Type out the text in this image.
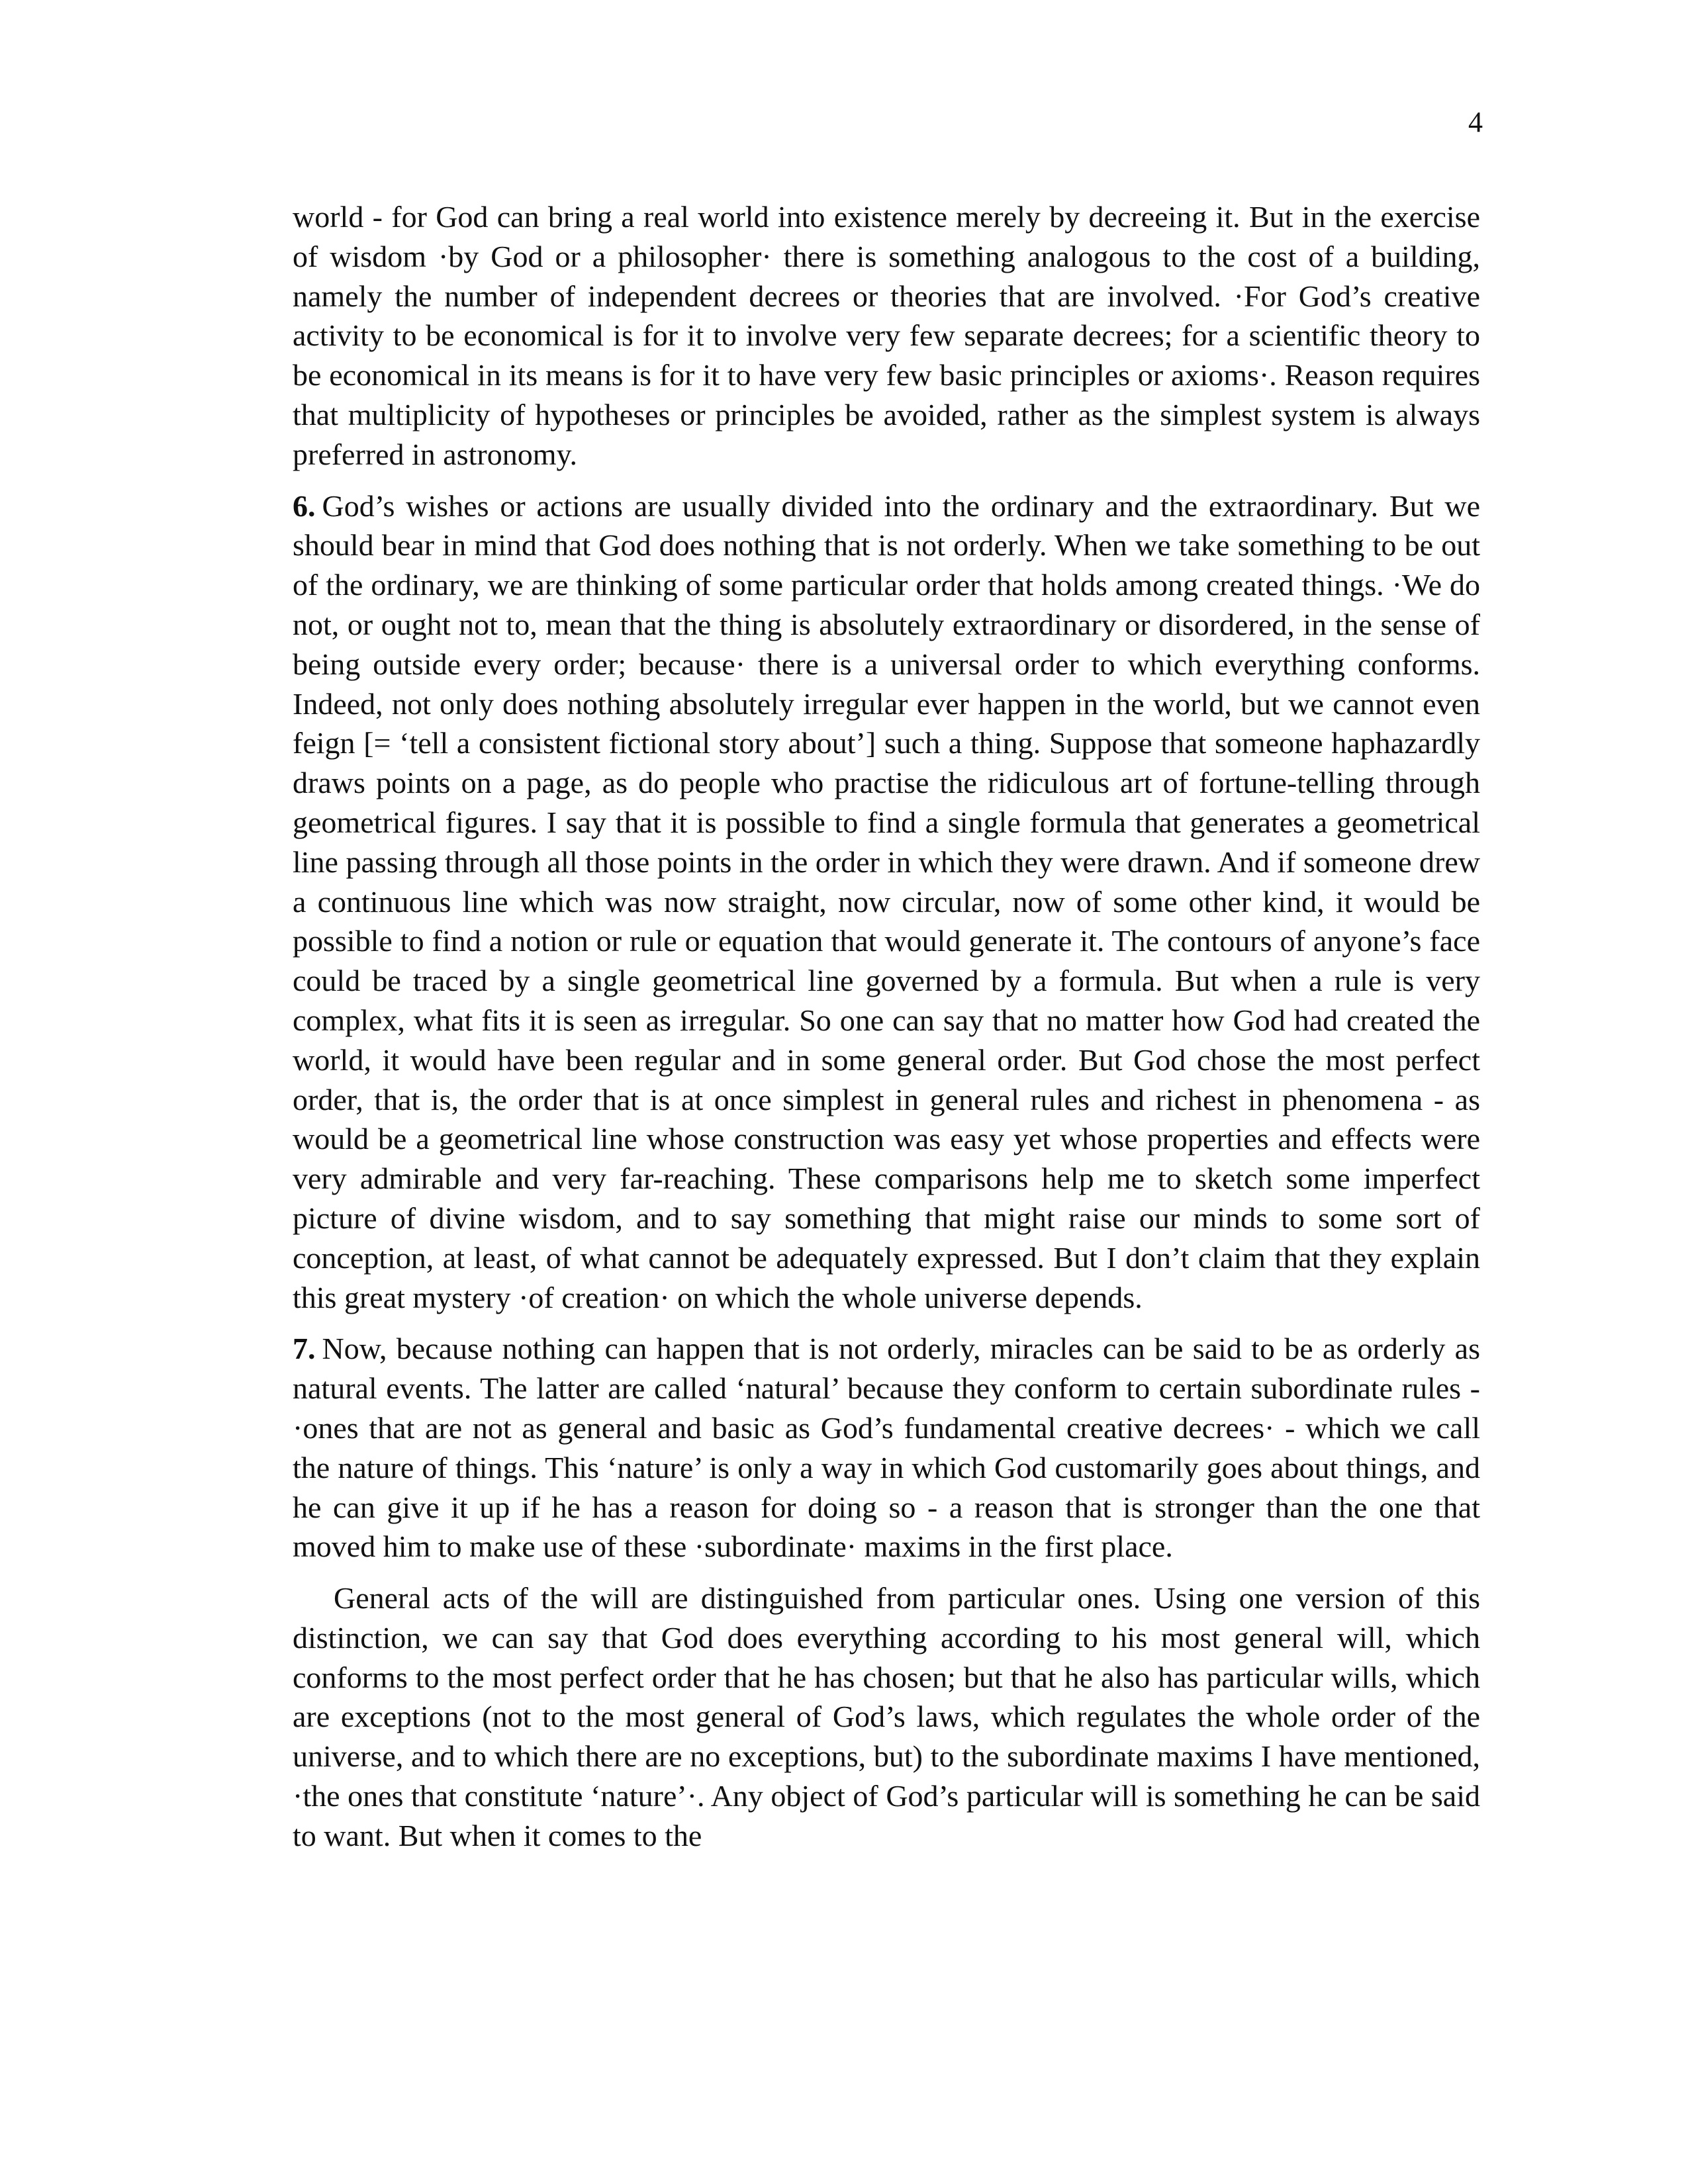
4

world - for God can bring a real world into existence merely by decreeing it. But in the exercise of wisdom ·by God or a philosopher· there is something analogous to the cost of a building, namely the number of independent decrees or theories that are involved. ·For God’s creative activity to be economical is for it to involve very few separate decrees; for a scientific theory to be economical in its means is for it to have very few basic principles or axioms·. Reason requires that multiplicity of hypotheses or principles be avoided, rather as the simplest system is always preferred in astronomy.

6. God’s wishes or actions are usually divided into the ordinary and the extraordinary. But we should bear in mind that God does nothing that is not orderly. When we take something to be out of the ordinary, we are thinking of some particular order that holds among created things. ·We do not, or ought not to, mean that the thing is absolutely extraordinary or disordered, in the sense of being outside every order; because· there is a universal order to which everything conforms. Indeed, not only does nothing absolutely irregular ever happen in the world, but we cannot even feign [= ‘tell a consistent fictional story about’] such a thing. Suppose that someone haphazardly draws points on a page, as do people who practise the ridiculous art of fortune-telling through geometrical figures. I say that it is possible to find a single formula that generates a geometrical line passing through all those points in the order in which they were drawn. And if someone drew a continuous line which was now straight, now circular, now of some other kind, it would be possible to find a notion or rule or equation that would generate it. The contours of anyone’s face could be traced by a single geometrical line governed by a formula. But when a rule is very complex, what fits it is seen as irregular. So one can say that no matter how God had created the world, it would have been regular and in some general order. But God chose the most perfect order, that is, the order that is at once simplest in general rules and richest in phenomena - as would be a geometrical line whose construction was easy yet whose properties and effects were very admirable and very far-reaching. These comparisons help me to sketch some imperfect picture of divine wisdom, and to say something that might raise our minds to some sort of conception, at least, of what cannot be adequately expressed. But I don’t claim that they explain this great mystery ·of creation· on which the whole universe depends.

7. Now, because nothing can happen that is not orderly, miracles can be said to be as orderly as natural events. The latter are called ‘natural’ because they conform to certain subordinate rules - ·ones that are not as general and basic as God’s fundamental creative decrees· - which we call the nature of things. This ‘nature’ is only a way in which God customarily goes about things, and he can give it up if he has a reason for doing so - a reason that is stronger than the one that moved him to make use of these ·subordinate· maxims in the first place.

General acts of the will are distinguished from particular ones. Using one version of this distinction, we can say that God does everything according to his most general will, which conforms to the most perfect order that he has chosen; but that he also has particular wills, which are exceptions (not to the most general of God’s laws, which regulates the whole order of the universe, and to which there are no exceptions, but) to the subordinate maxims I have mentioned, ·the ones that constitute ‘nature’·. Any object of God’s particular will is something he can be said to want. But when it comes to the
